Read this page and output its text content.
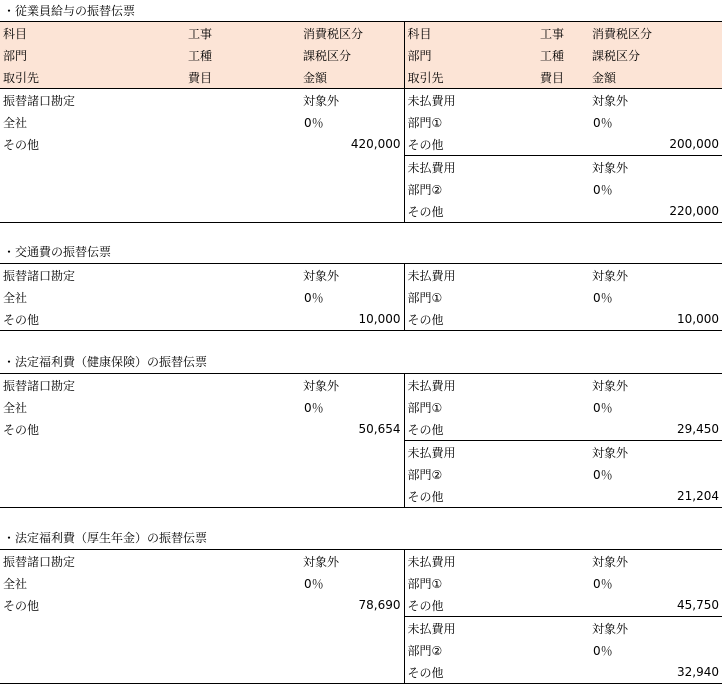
・従業員給与の振替伝票
科目	工事	消費税区分	科目	工事	消費税区分
部門	工種	課税区分	部門	工種	課税区分
取引先	費目	金額	取引先	費目	金額
振替諸口勘定		対象外	未払費用		対象外
全社		0％	部門①		0％
その他		420,000	その他		200,000
			未払費用		対象外
			部門②		0％
			その他		220,000
・交通費の振替伝票
振替諸口勘定		対象外	未払費用		対象外
全社		0％	部門①		0％
その他		10,000	その他		10,000
・法定福利費（健康保険）の振替伝票
振替諸口勘定		対象外	未払費用		対象外
全社		0％	部門①		0％
その他		50,654	その他		29,450
			未払費用		対象外
			部門②		0％
			その他		21,204
・法定福利費（厚生年金）の振替伝票
振替諸口勘定		対象外	未払費用		対象外
全社		0％	部門①		0％
その他		78,690	その他		45,750
			未払費用		対象外
			部門②		0％
			その他		32,940
